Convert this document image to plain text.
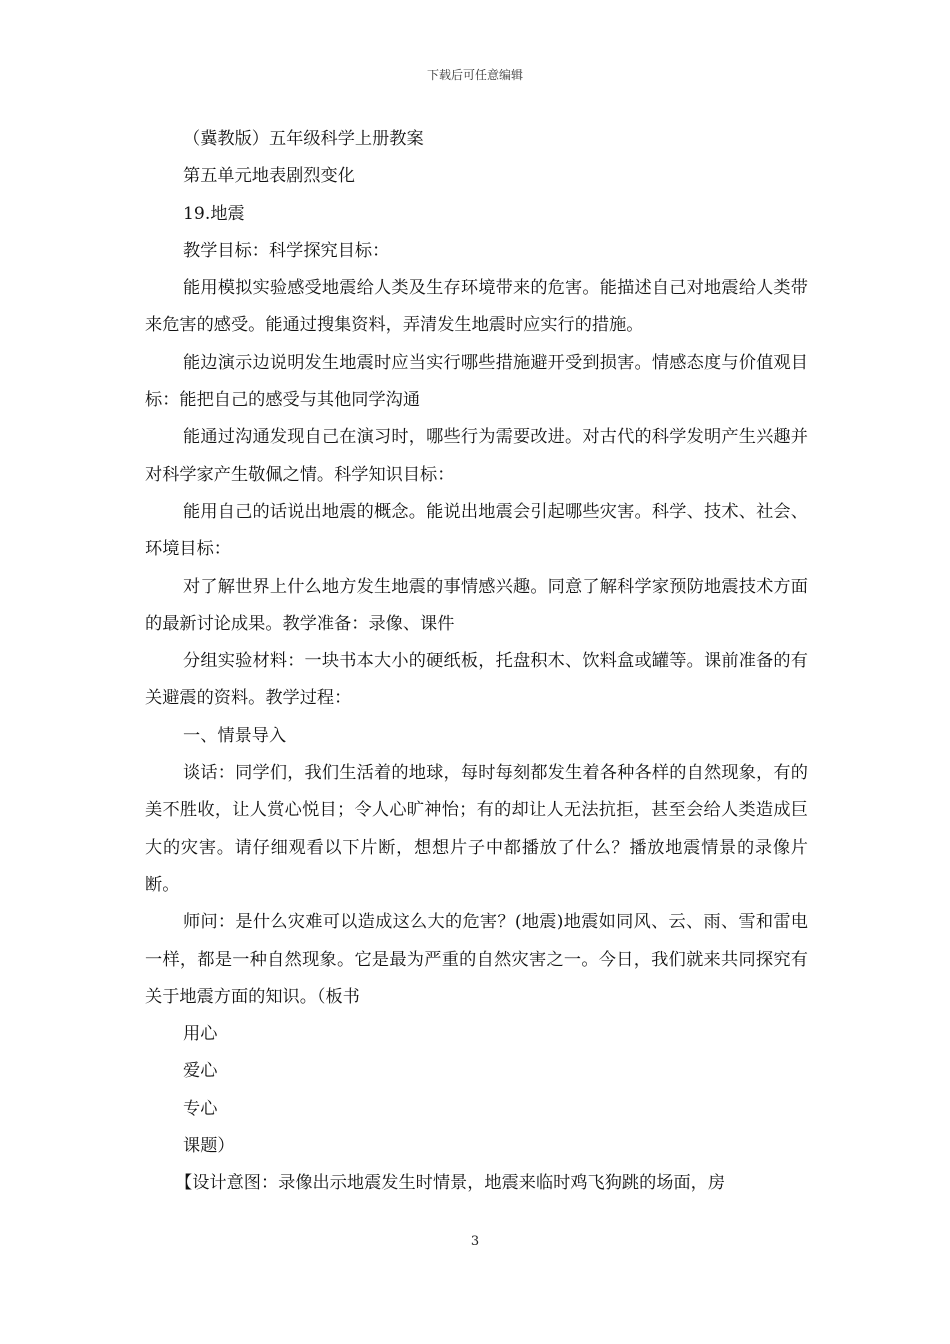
下载后可任意编辑

（冀教版）五年级科学上册教案

第五单元地表剧烈变化

19.地震

教学目标：科学探究目标：

能用模拟实验感受地震给人类及生存环境带来的危害。能描述自己对地震给人类带来危害的感受。能通过搜集资料，弄清发生地震时应实行的措施。

能边演示边说明发生地震时应当实行哪些措施避开受到损害。情感态度与价值观目标：能把自己的感受与其他同学沟通

能通过沟通发现自己在演习时，哪些行为需要改进。对古代的科学发明产生兴趣并对科学家产生敬佩之情。科学知识目标：

能用自己的话说出地震的概念。能说出地震会引起哪些灾害。科学、技术、社会、环境目标：

对了解世界上什么地方发生地震的事情感兴趣。同意了解科学家预防地震技术方面的最新讨论成果。教学准备：录像、课件

分组实验材料：一块书本大小的硬纸板，托盘积木、饮料盒或罐等。课前准备的有关避震的资料。教学过程：

一、情景导入

谈话：同学们，我们生活着的地球，每时每刻都发生着各种各样的自然现象，有的美不胜收，让人赏心悦目；令人心旷神怡；有的却让人无法抗拒，甚至会给人类造成巨大的灾害。请仔细观看以下片断，想想片子中都播放了什么？播放地震情景的录像片断。

师问：是什么灾难可以造成这么大的危害？(地震)地震如同风、云、雨、雪和雷电一样，都是一种自然现象。它是最为严重的自然灾害之一。今日，我们就来共同探究有关于地震方面的知识。（板书

用心

爱心

专心

课题）

【设计意图：录像出示地震发生时情景，地震来临时鸡飞狗跳的场面，房

3
